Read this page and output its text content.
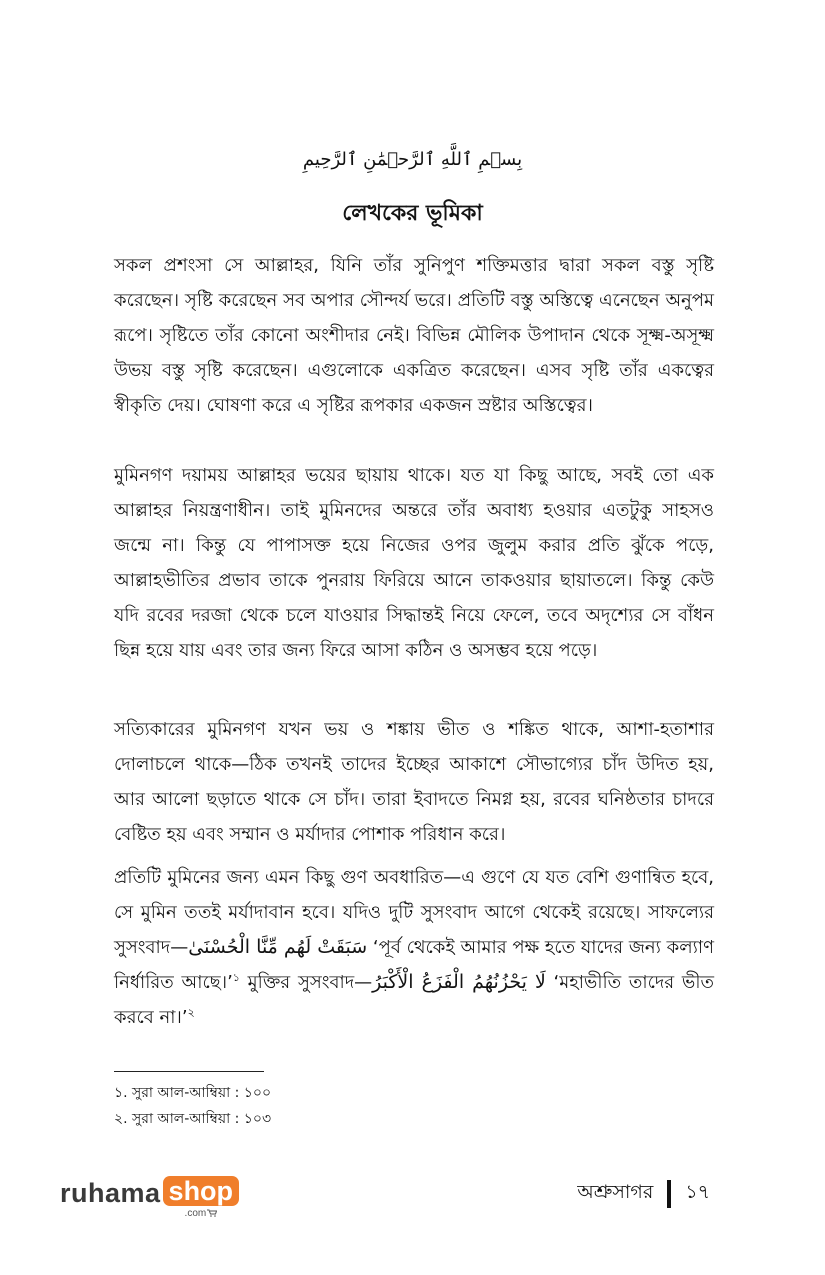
بِسۡمِ ٱللَّهِ ٱلرَّحۡمَٰنِ ٱلرَّحِيمِ
লেখকের ভূমিকা

সকল প্রশংসা সে আল্লাহর, যিনি তাঁর সুনিপুণ শক্তিমত্তার দ্বারা সকল বস্তু সৃষ্টি করেছেন। সৃষ্টি করেছেন সব অপার সৌন্দর্য ভরে। প্রতিটি বস্তু অস্তিত্বে এনেছেন অনুপম রূপে। সৃষ্টিতে তাঁর কোনো অংশীদার নেই। বিভিন্ন মৌলিক উপাদান থেকে সূক্ষ্ম-অসূক্ষ্ম উভয় বস্তু সৃষ্টি করেছেন। এগুলোকে একত্রিত করেছেন। এসব সৃষ্টি তাঁর একত্বের স্বীকৃতি দেয়। ঘোষণা করে এ সৃষ্টির রূপকার একজন স্রষ্টার অস্তিত্বের।

মুমিনগণ দয়াময় আল্লাহর ভয়ের ছায়ায় থাকে। যত যা কিছু আছে, সবই তো এক আল্লাহর নিয়ন্ত্রণাধীন। তাই মুমিনদের অন্তরে তাঁর অবাধ্য হওয়ার এতটুকু সাহসও জন্মে না। কিন্তু যে পাপাসক্ত হয়ে নিজের ওপর জুলুম করার প্রতি ঝুঁকে পড়ে, আল্লাহভীতির প্রভাব তাকে পুনরায় ফিরিয়ে আনে তাকওয়ার ছায়াতলে। কিন্তু কেউ যদি রবের দরজা থেকে চলে যাওয়ার সিদ্ধান্তই নিয়ে ফেলে, তবে অদৃশ্যের সে বাঁধন ছিন্ন হয়ে যায় এবং তার জন্য ফিরে আসা কঠিন ও অসম্ভব হয়ে পড়ে।

সত্যিকারের মুমিনগণ যখন ভয় ও শঙ্কায় ভীত ও শঙ্কিত থাকে, আশা-হতাশার দোলাচলে থাকে—ঠিক তখনই তাদের ইচ্ছের আকাশে সৌভাগ্যের চাঁদ উদিত হয়, আর আলো ছড়াতে থাকে সে চাঁদ। তারা ইবাদতে নিমগ্ন হয়, রবের ঘনিষ্ঠতার চাদরে বেষ্টিত হয় এবং সম্মান ও মর্যাদার পোশাক পরিধান করে।

প্রতিটি মুমিনের জন্য এমন কিছু গুণ অবধারিত—এ গুণে যে যত বেশি গুণান্বিত হবে, সে মুমিন ততই মর্যাদাবান হবে। যদিও দুটি সুসংবাদ আগে থেকেই রয়েছে। সাফল্যের সুসংবাদ—سَبَقَتْ لَهُم مِّنَّا الْحُسْنَىٰ ‘পূর্ব থেকেই আমার পক্ষ হতে যাদের জন্য কল্যাণ নির্ধারিত আছে।’$^১$ মুক্তির সুসংবাদ—لَا يَحْزُنُهُمُ الْفَزَعُ الْأَكْبَرُ ‘মহাভীতি তাদের ভীত করবে না।’$^২$

১. সুরা আল-আম্বিয়া : ১০০

২. সুরা আল-আম্বিয়া : ১০৩

ruhama shop
.com
অশ্রুসাগর ১৭
